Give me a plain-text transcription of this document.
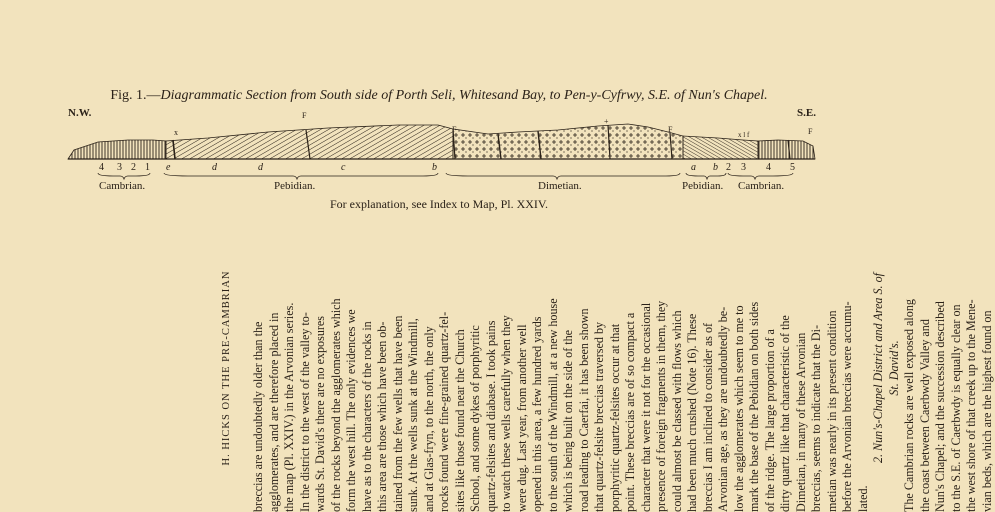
Fig. 1.—Diagrammatic Section from South side of Porth Seli, Whitesand Bay, to Pen-y-Cyfrwy, S.E. of Nun's Chapel.
N.W.	S.E.
F
F	F	F
x
+
x l f
4 3 2 1 e	d	d	c	b	a b 2 3 4 5
Cambrian.	Pebidian.	Dimetian.	Pebidian. Cambrian.
For explanation, see Index to Map, Pl. XXIV.
H. HICKS ON THE PRE-CAMBRIAN breccias are undoubtedly older than the agglomerates, and are therefore placed in the map (Pl. XXIV.) in the Arvonian series. In the district to the west of the valley to- wards St. David's there are no exposures of the rocks beyond the agglomerates which form the west hill. The only evidences we have as to the characters of the rocks in this area are those which have been ob- tained from the few wells that have been sunk. At the wells sunk at the Windmill, and at Glas-fryn, to the north, the only rocks found were fine-grained quartz-fel- sites like those found near the Church School, and some dykes of porphyritic quartz-felsites and diabase. I took pains to watch these wells carefully when they were dug. Last year, from another well opened in this area, a few hundred yards to the south of the Windmill, at a new house which is being built on the side of the road leading to Caerfai, it has been shown that quartz-felsite breccias traversed by porphyritic quartz-felsites occur at that point. These breccias are of so compact a character that were it not for the occasional presence of foreign fragments in them, they could almost be classed with flows which had been much crushed (Note 16). These breccias I am inclined to consider as of Arvonian age, as they are undoubtedly be- low the agglomerates which seem to me to mark the base of the Pebidian on both sides of the ridge. The large proportion of a dirty quartz like that characteristic of the Dimetian, in many of these Arvonian breccias, seems to indicate that the Di- metian was nearly in its present condition before the Arvonian breccias were accumu- lated.

2. Nun's-Chapel District and Area S. of St. David's. The Cambrian rocks are well exposed along the coast between Caerbwdy Valley and Nun's Chapel; and the succession described to the S.E. of Caerbwdy is equally clear on the west shore of that creek up to the Mene- vian beds, which are the highest found on
